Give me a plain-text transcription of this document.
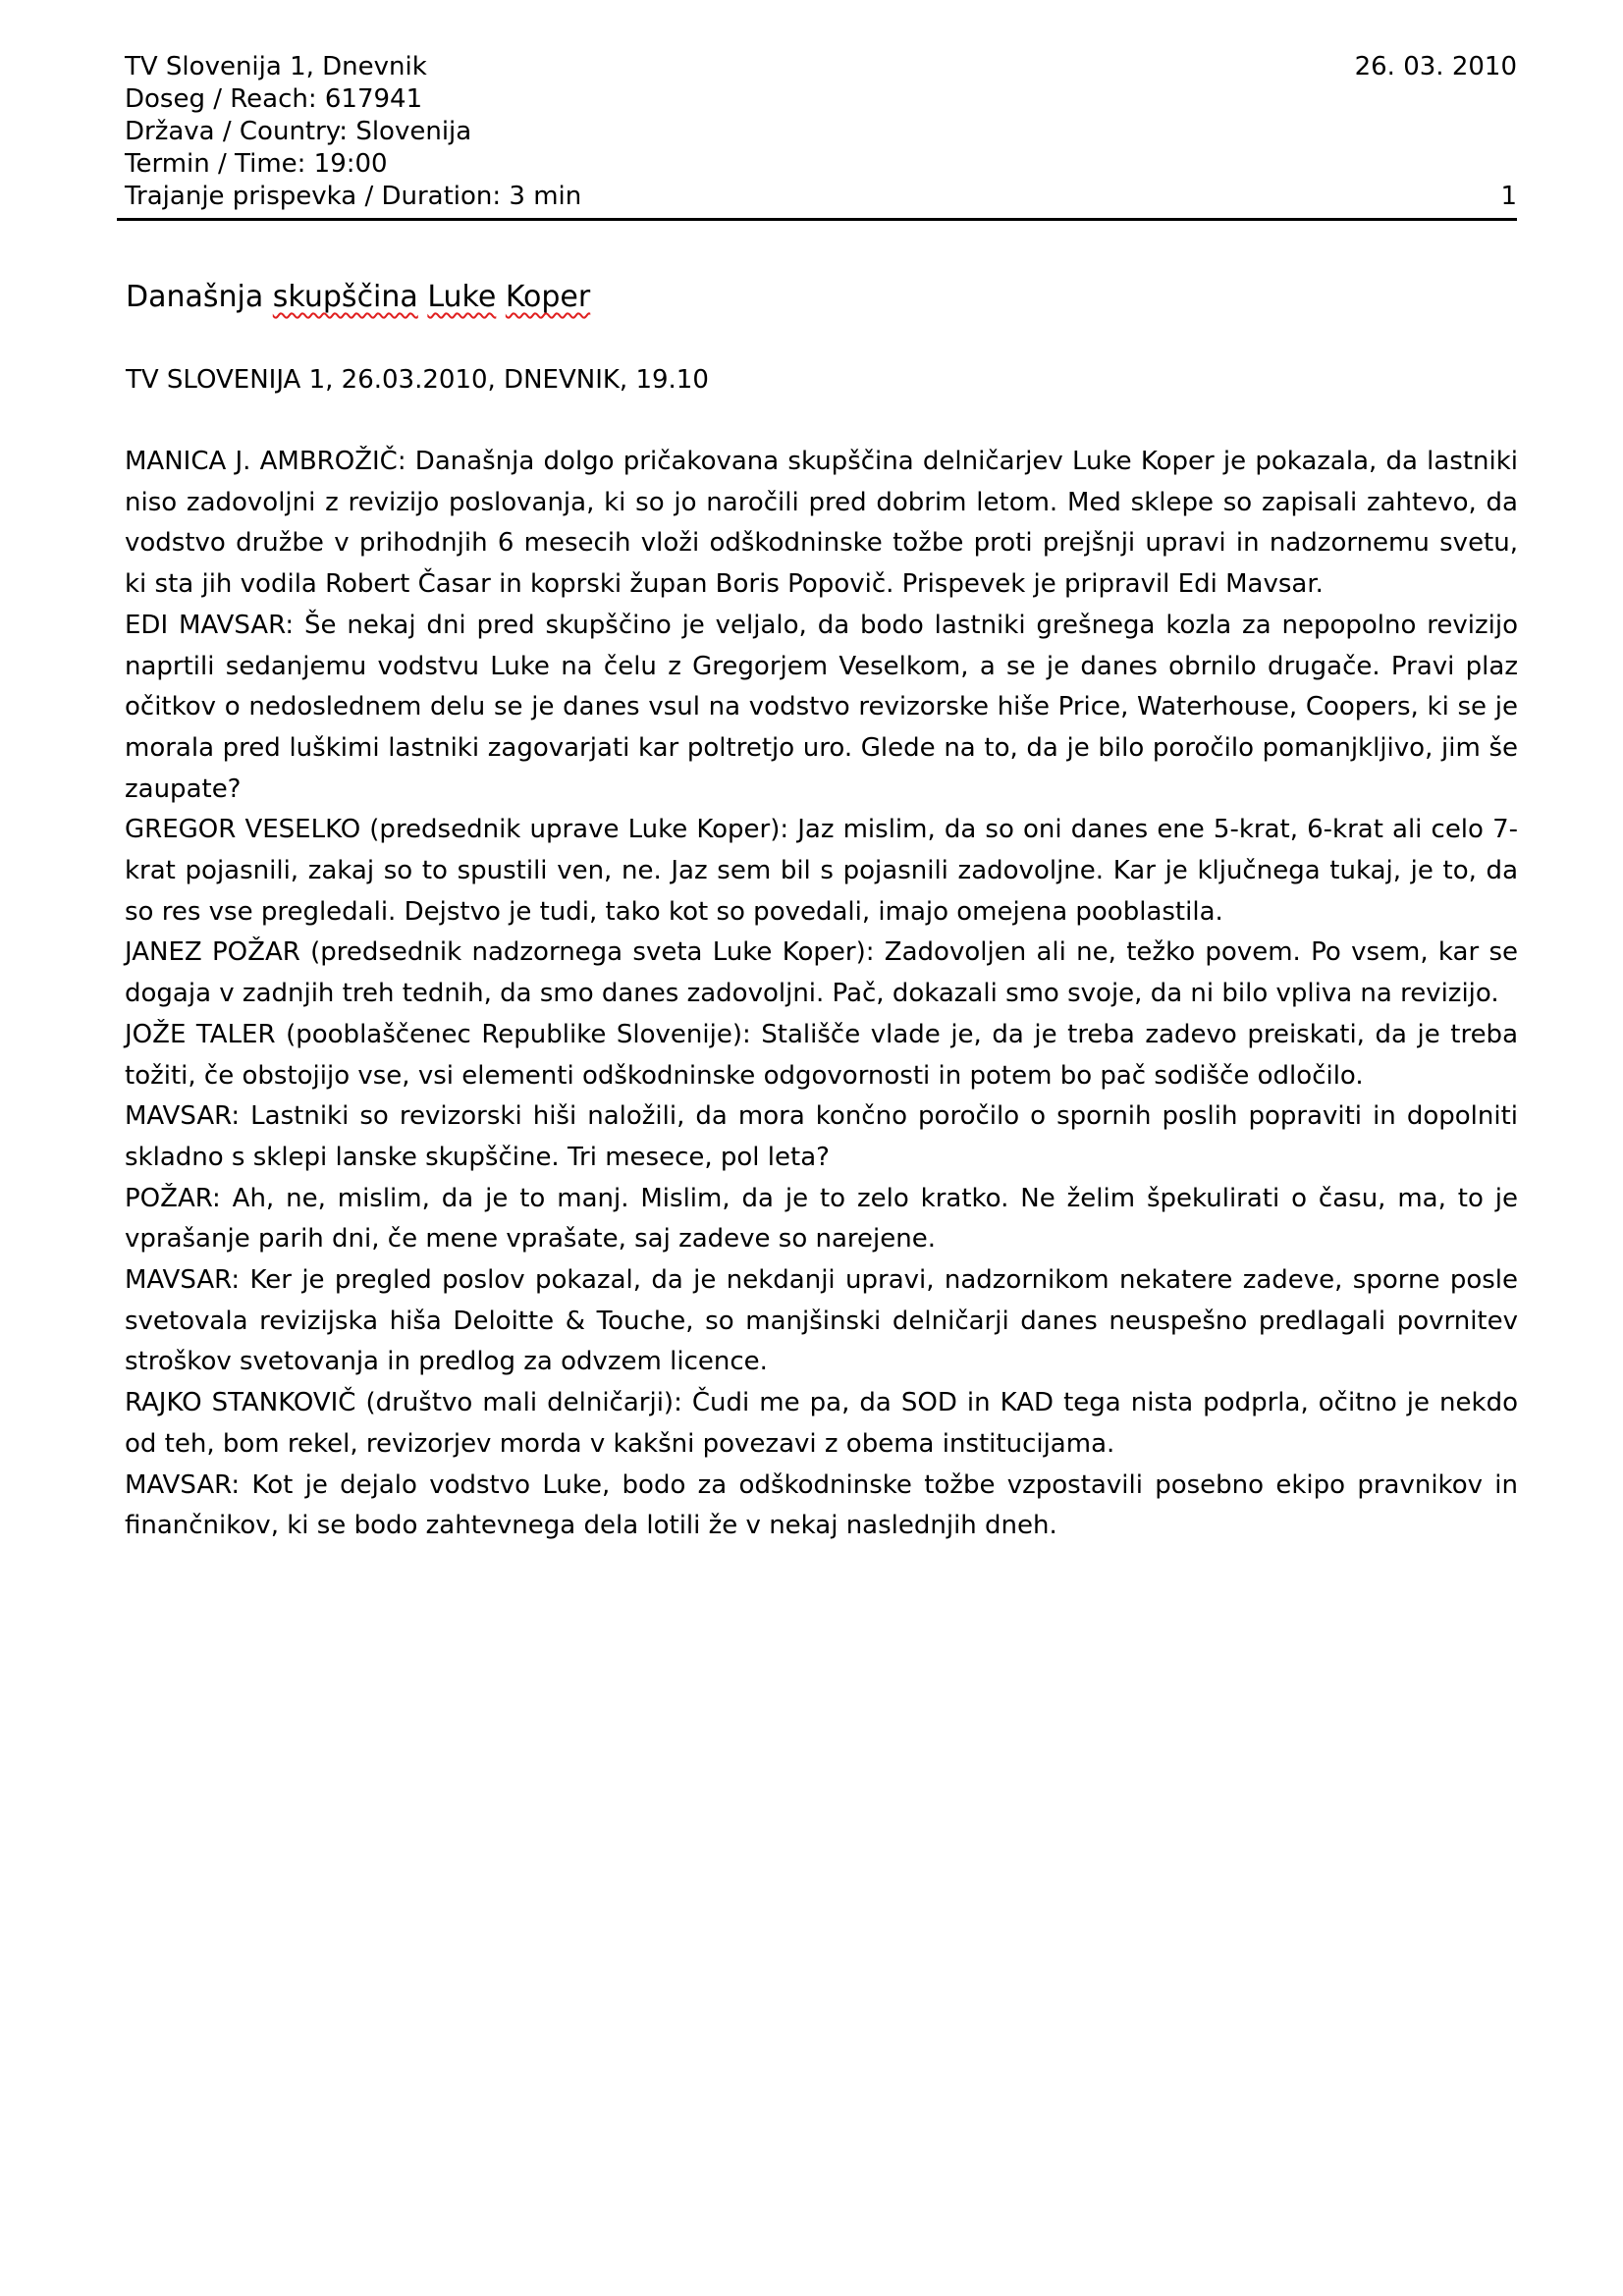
TV Slovenija 1, Dnevnik
Doseg / Reach: 617941
Država / Country: Slovenija
Termin / Time: 19:00
Trajanje prispevka / Duration: 3 min
26. 03. 2010
1
Današnja skupščina Luke Koper
TV SLOVENIJA 1, 26.03.2010, DNEVNIK, 19.10

MANICA J. AMBROŽIČ: Današnja dolgo pričakovana skupščina delničarjev Luke Koper je pokazala, da lastniki niso zadovoljni z revizijo poslovanja, ki so jo naročili pred dobrim letom. Med sklepe so zapisali zahtevo, da vodstvo družbe v prihodnjih 6 mesecih vloži odškodninske tožbe proti prejšnji upravi in nadzornemu svetu, ki sta jih vodila Robert Časar in koprski župan Boris Popovič. Prispevek je pripravil Edi Mavsar.

EDI MAVSAR: Še nekaj dni pred skupščino je veljalo, da bodo lastniki grešnega kozla za nepopolno revizijo naprtili sedanjemu vodstvu Luke na čelu z Gregorjem Veselkom, a se je danes obrnilo drugače. Pravi plaz očitkov o nedoslednem delu se je danes vsul na vodstvo revizorske hiše Price, Waterhouse, Coopers, ki se je morala pred luškimi lastniki zagovarjati kar poltretjo uro. Glede na to, da je bilo poročilo pomanjkljivo, jim še zaupate?

GREGOR VESELKO (predsednik uprave Luke Koper): Jaz mislim, da so oni danes ene 5-krat, 6-krat ali celo 7-krat pojasnili, zakaj so to spustili ven, ne. Jaz sem bil s pojasnili zadovoljne. Kar je ključnega tukaj, je to, da so res vse pregledali. Dejstvo je tudi, tako kot so povedali, imajo omejena pooblastila.

JANEZ POŽAR (predsednik nadzornega sveta Luke Koper): Zadovoljen ali ne, težko povem. Po vsem, kar se dogaja v zadnjih treh tednih, da smo danes zadovoljni. Pač, dokazali smo svoje, da ni bilo vpliva na revizijo.

JOŽE TALER (pooblaščenec Republike Slovenije): Stališče vlade je, da je treba zadevo preiskati, da je treba tožiti, če obstojijo vse, vsi elementi odškodninske odgovornosti in potem bo pač sodišče odločilo.

MAVSAR: Lastniki so revizorski hiši naložili, da mora končno poročilo o spornih poslih popraviti in dopolniti skladno s sklepi lanske skupščine. Tri mesece, pol leta?

POŽAR: Ah, ne, mislim, da je to manj. Mislim, da je to zelo kratko. Ne želim špekulirati o času, ma, to je vprašanje parih dni, če mene vprašate, saj zadeve so narejene.

MAVSAR: Ker je pregled poslov pokazal, da je nekdanji upravi, nadzornikom nekatere zadeve, sporne posle svetovala revizijska hiša Deloitte & Touche, so manjšinski delničarji danes neuspešno predlagali povrnitev stroškov svetovanja in predlog za odvzem licence.

RAJKO STANKOVIČ (društvo mali delničarji): Čudi me pa, da SOD in KAD tega nista podprla, očitno je nekdo od teh, bom rekel, revizorjev morda v kakšni povezavi z obema institucijama.

MAVSAR: Kot je dejalo vodstvo Luke, bodo za odškodninske tožbe vzpostavili posebno ekipo pravnikov in finančnikov, ki se bodo zahtevnega dela lotili že v nekaj naslednjih dneh.
